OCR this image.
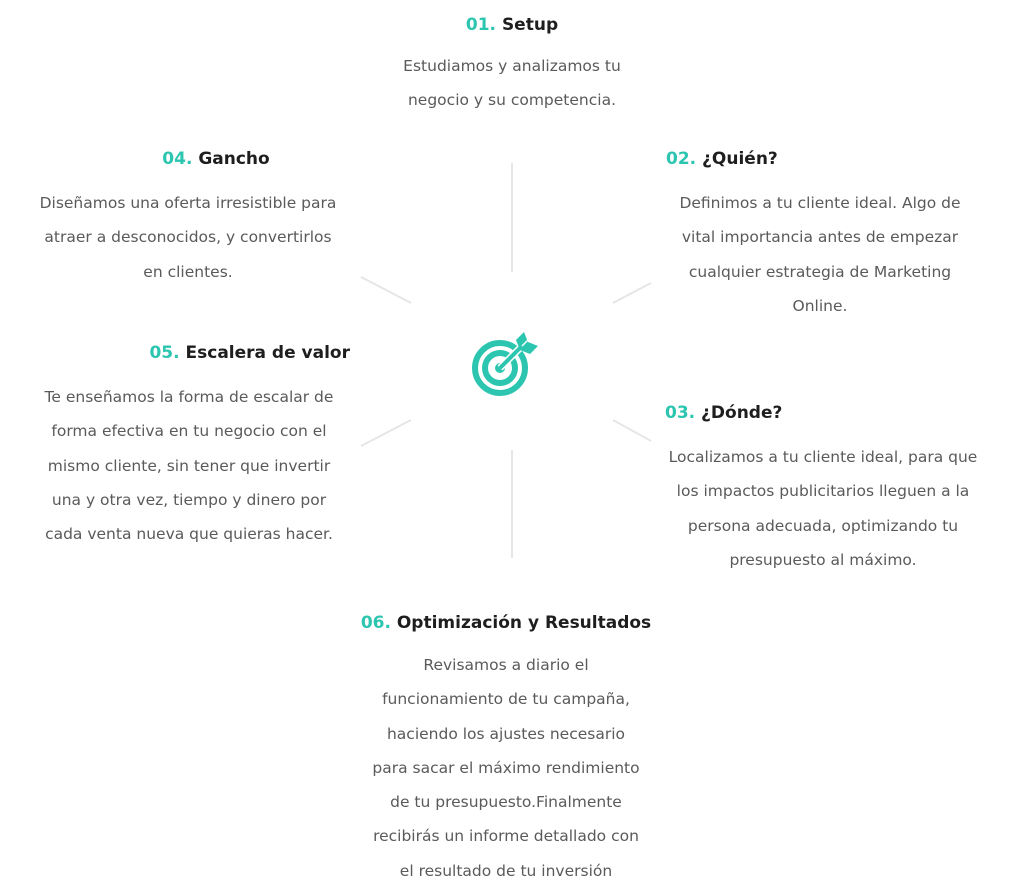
01. Setup

Estudiamos y analizamos tu
negocio y su competencia.

04. Gancho

Diseñamos una oferta irresistible para
atraer a desconocidos, y convertirlos
en clientes.

02. ¿Quién?

Definimos a tu cliente ideal. Algo de
vital importancia antes de empezar
cualquier estrategia de Marketing
Online.

05. Escalera de valor

Te enseñamos la forma de escalar de
forma efectiva en tu negocio con el
mismo cliente, sin tener que invertir
una y otra vez, tiempo y dinero por
cada venta nueva que quieras hacer.

03. ¿Dónde?

Localizamos a tu cliente ideal, para que
los impactos publicitarios lleguen a la
persona adecuada, optimizando tu
presupuesto al máximo.

06. Optimización y Resultados

Revisamos a diario el
funcionamiento de tu campaña,
haciendo los ajustes necesario
para sacar el máximo rendimiento
de tu presupuesto.Finalmente
recibirás un informe detallado con
el resultado de tu inversión
